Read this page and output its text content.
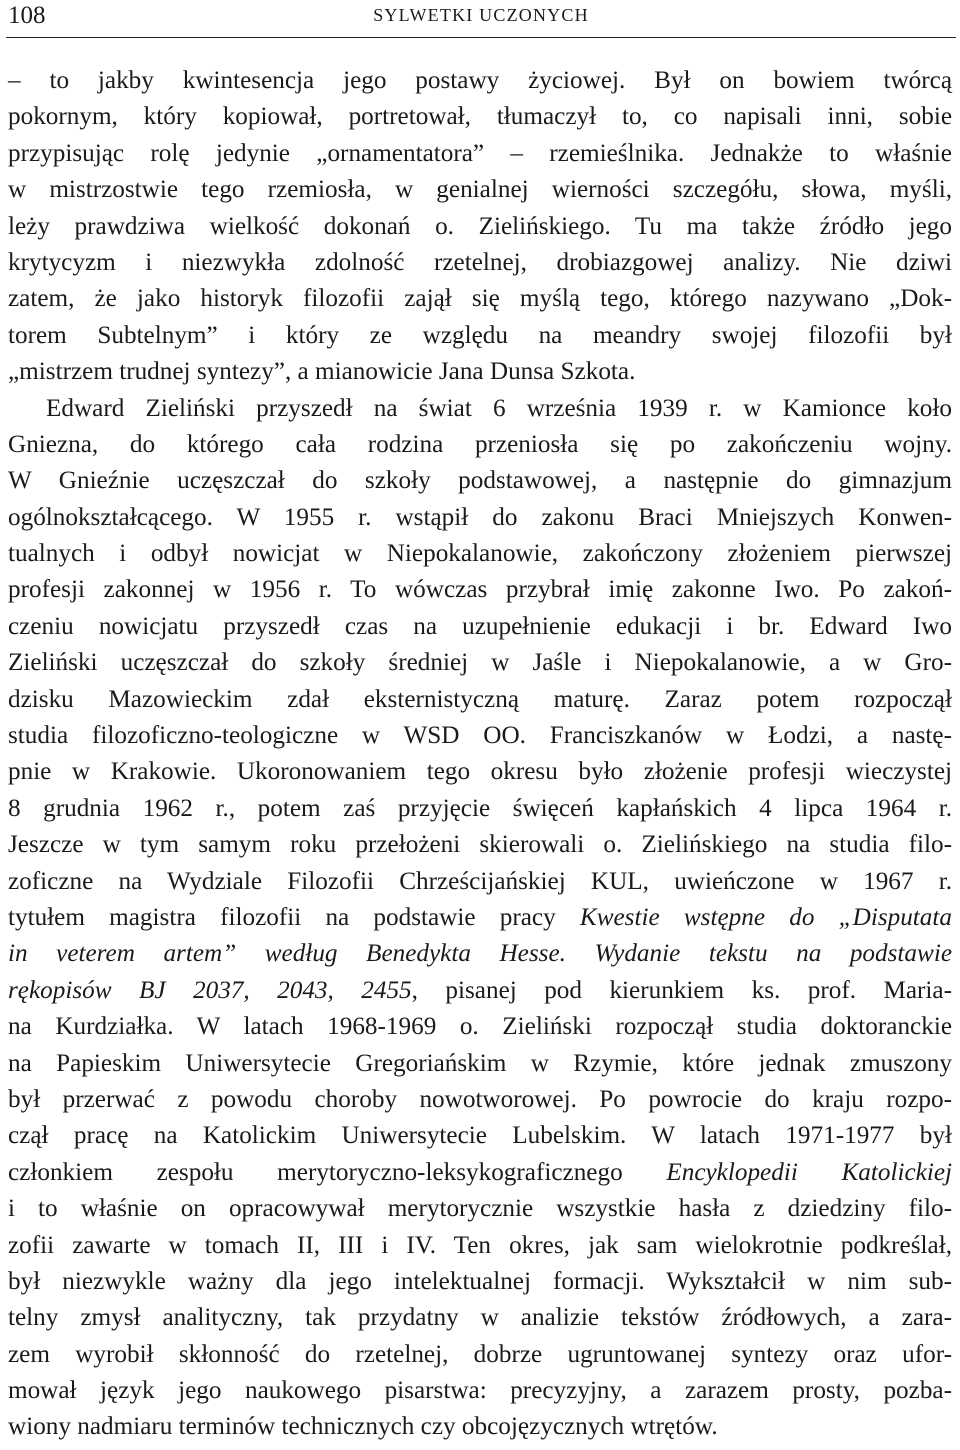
108	SYLWETKI UCZONYCH
– to jakby kwintesencja jego postawy życiowej. Był on bowiem twórcą
pokornym, który kopiował, portretował, tłumaczył to, co napisali inni, sobie
przypisując rolę jedynie „ornamentatora” – rzemieślnika. Jednakże to właśnie
w mistrzostwie tego rzemiosła, w genialnej wierności szczegółu, słowa, myśli,
leży prawdziwa wielkość dokonań o. Zielińskiego. Tu ma także źródło jego
krytycyzm i niezwykła zdolność rzetelnej, drobiazgowej analizy. Nie dziwi
zatem, że jako historyk filozofii zajął się myślą tego, którego nazywano „Dok-
torem Subtelnym” i który ze względu na meandry swojej filozofii był
„mistrzem trudnej syntezy”, a mianowicie Jana Dunsa Szkota.
Edward Zieliński przyszedł na świat 6 września 1939 r. w Kamionce koło
Gniezna, do którego cała rodzina przeniosła się po zakończeniu wojny.
W Gnieźnie uczęszczał do szkoły podstawowej, a następnie do gimnazjum
ogólnokształcącego. W 1955 r. wstąpił do zakonu Braci Mniejszych Konwen-
tualnych i odbył nowicjat w Niepokalanowie, zakończony złożeniem pierwszej
profesji zakonnej w 1956 r. To wówczas przybrał imię zakonne Iwo. Po zakoń-
czeniu nowicjatu przyszedł czas na uzupełnienie edukacji i br. Edward Iwo
Zieliński uczęszczał do szkoły średniej w Jaśle i Niepokalanowie, a w Gro-
dzisku Mazowieckim zdał eksternistyczną maturę. Zaraz potem rozpoczął
studia filozoficzno-teologiczne w WSD OO. Franciszkanów w Łodzi, a nastę-
pnie w Krakowie. Ukoronowaniem tego okresu było złożenie profesji wieczystej
8 grudnia 1962 r., potem zaś przyjęcie święceń kapłańskich 4 lipca 1964 r.
Jeszcze w tym samym roku przełożeni skierowali o. Zielińskiego na studia filo-
zoficzne na Wydziale Filozofii Chrześcijańskiej KUL, uwieńczone w 1967 r.
tytułem magistra filozofii na podstawie pracy Kwestie wstępne do „Disputata
in veterem artem” według Benedykta Hesse. Wydanie tekstu na podstawie
rękopisów BJ 2037, 2043, 2455, pisanej pod kierunkiem ks. prof. Maria-
na Kurdziałka. W latach 1968-1969 o. Zieliński rozpoczął studia doktoranckie
na Papieskim Uniwersytecie Gregoriańskim w Rzymie, które jednak zmuszony
był przerwać z powodu choroby nowotworowej. Po powrocie do kraju rozpo-
czął pracę na Katolickim Uniwersytecie Lubelskim. W latach 1971-1977 był
członkiem zespołu merytoryczno-leksykograficznego Encyklopedii Katolickiej
i to właśnie on opracowywał merytorycznie wszystkie hasła z dziedziny filo-
zofii zawarte w tomach II, III i IV. Ten okres, jak sam wielokrotnie podkreślał,
był niezwykle ważny dla jego intelektualnej formacji. Wykształcił w nim sub-
telny zmysł analityczny, tak przydatny w analizie tekstów źródłowych, a zara-
zem wyrobił skłonność do rzetelnej, dobrze ugruntowanej syntezy oraz ufor-
mował język jego naukowego pisarstwa: precyzyjny, a zarazem prosty, pozba-
wiony nadmiaru terminów technicznych czy obcojęzycznych wtrętów.
